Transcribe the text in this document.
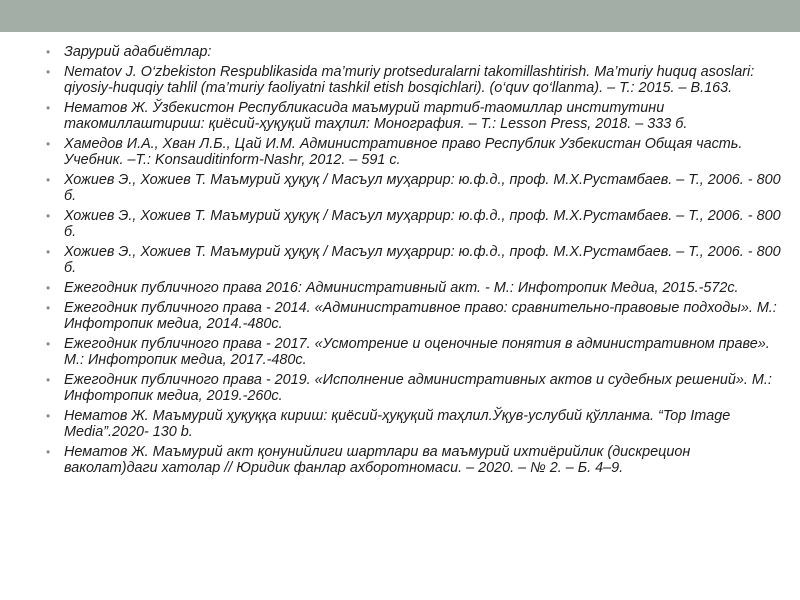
• Зарурий адабиётлар:
• Nematov J. O‘zbekiston Respublikasida ma’muriy protseduralarni takomillashtirish. Ma’muriy huquq asoslari: qiyosiy-huquqiy tahlil (ma’muriy faoliyatni tashkil etish bosqichlari). (o‘quv qo‘llanma). – T.: 2015. – B.163.
• Нематов Ж. Ўзбекистон Республикасида маъмурий тартиб-таомиллар институтини такомиллаштириш: қиёсий-ҳуқуқий таҳлил: Монография. – Т.: Lesson Press, 2018. – 333 б.
• Хамедов И.А., Хван Л.Б., Цай И.М. Административное право Республик Узбекистан Общая часть. Учебник. –Т.: Konsauditinform-Nashr, 2012. – 591 с.
• Хожиев Э., Хожиев Т. Маъмурий ҳуқуқ / Масъул муҳаррир: ю.ф.д., проф. М.Х.Рустамбаев. – Т., 2006. - 800 б.
• Хожиев Э., Хожиев Т. Маъмурий ҳуқуқ / Масъул муҳаррир: ю.ф.д., проф. М.Х.Рустамбаев. – Т., 2006. - 800 б.
• Хожиев Э., Хожиев Т. Маъмурий ҳуқуқ / Масъул муҳаррир: ю.ф.д., проф. М.Х.Рустамбаев. – Т., 2006. - 800 б.
• Ежегодник публичного права 2016: Административный акт. - М.: Инфотропик Медиа, 2015.-572с.
• Ежегодник публичного права - 2014. «Административное право: сравнительно-правовые подходы». М.: Инфотропик медиа, 2014.-480с.
• Ежегодник публичного права - 2017. «Усмотрение и оценочные понятия в административном праве». М.: Инфотропик медиа, 2017.-480с.
• Ежегодник публичного права - 2019. «Исполнение административных актов и судебных решений». М.: Инфотропик медиа, 2019.-260с.
• Нематов Ж. Маъмурий ҳуқуққа кириш: қиёсий-ҳуқуқий таҳлил.Ўқув-услубий қўлланма. “Top Image Media”.2020- 130 b.
• Нематов Ж. Маъмурий акт қонунийлиги шартлари ва маъмурий ихтиёрийлик (дискрецион ваколат)даги хатолар // Юридик фанлар ахборотномаси. – 2020. – № 2. – Б. 4–9.
